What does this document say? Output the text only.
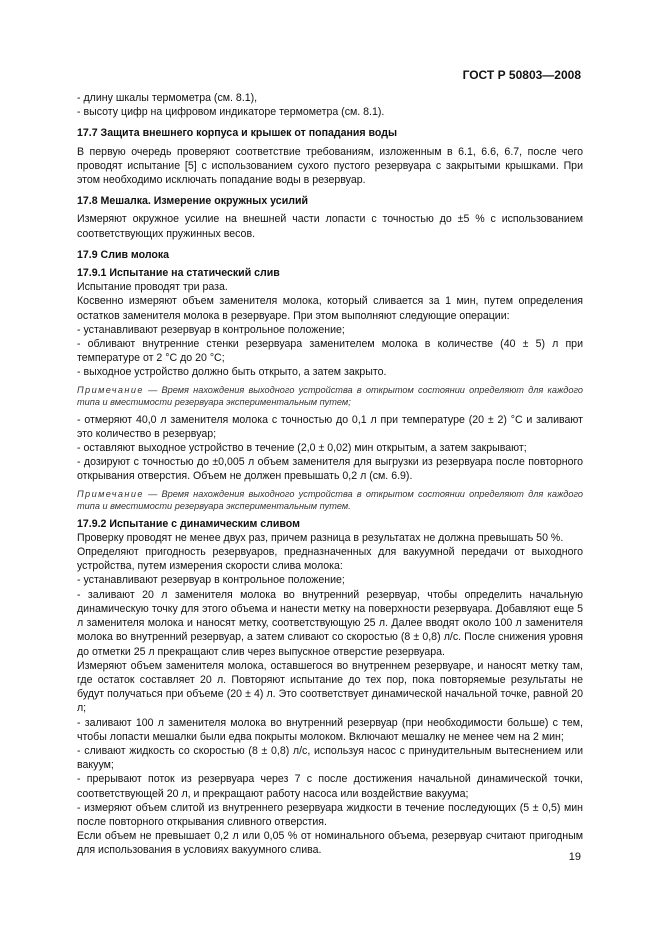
ГОСТ Р 50803—2008

- длину шкалы термометра (см. 8.1),

- высоту цифр на цифровом индикаторе термометра (см. 8.1).

17.7 Защита внешнего корпуса и крышек от попадания воды

В первую очередь проверяют соответствие требованиям, изложенным в 6.1, 6.6, 6.7, после чего проводят испытание [5] с использованием сухого пустого резервуара с закрытыми крышками. При этом необходимо исключать попадание воды в резервуар.

17.8 Мешалка. Измерение окружных усилий

Измеряют окружное усилие на внешней части лопасти с точностью до ±5 % с использованием соответствующих пружинных весов.

17.9 Слив молока

17.9.1 Испытание на статический слив

Испытание проводят три раза.

Косвенно измеряют объем заменителя молока, который сливается за 1 мин, путем определения остатков заменителя молока в резервуаре. При этом выполняют следующие операции:

- устанавливают резервуар в контрольное положение;

- обливают внутренние стенки резервуара заменителем молока в количестве (40 ± 5) л при температуре от 2 °С до 20 °С;

- выходное устройство должно быть открыто, а затем закрыто.

Примечание — Время нахождения выходного устройства в открытом состоянии определяют для каждого типа и вместимости резервуара экспериментальным путем;

- отмеряют 40,0 л заменителя молока с точностью до 0,1 л при температуре (20 ± 2) °С и заливают это количество в резервуар;

- оставляют выходное устройство в течение (2,0 ± 0,02) мин открытым, а затем закрывают;

- дозируют с точностью до ±0,005 л объем заменителя для выгрузки из резервуара после повторного открывания отверстия. Объем не должен превышать 0,2 л (см. 6.9).

Примечание — Время нахождения выходного устройства в открытом состоянии определяют для каждого типа и вместимости резервуара экспериментальным путем.

17.9.2 Испытание с динамическим сливом

Проверку проводят не менее двух раз, причем разница в результатах не должна превышать 50 %.

Определяют пригодность резервуаров, предназначенных для вакуумной передачи от выходного устройства, путем измерения скорости слива молока:

- устанавливают резервуар в контрольное положение;

- заливают 20 л заменителя молока во внутренний резервуар, чтобы определить начальную динамическую точку для этого объема и нанести метку на поверхности резервуара. Добавляют еще 5 л заменителя молока и наносят метку, соответствующую 25 л. Далее вводят около 100 л заменителя молока во внутренний резервуар, а затем сливают со скоростью (8 ± 0,8) л/с. После снижения уровня до отметки 25 л прекращают слив через выпускное отверстие резервуара.

Измеряют объем заменителя молока, оставшегося во внутреннем резервуаре, и наносят метку там, где остаток составляет 20 л. Повторяют испытание до тех пор, пока повторяемые результаты не будут получаться при объеме (20 ± 4) л. Это соответствует динамической начальной точке, равной 20 л;

- заливают 100 л заменителя молока во внутренний резервуар (при необходимости больше) с тем, чтобы лопасти мешалки были едва покрыты молоком. Включают мешалку не менее чем на 2 мин;

- сливают жидкость со скоростью (8 ± 0,8) л/с, используя насос с принудительным вытеснением или вакуум;

- прерывают поток из резервуара через 7 с после достижения начальной динамической точки, соответствующей 20 л, и прекращают работу насоса или воздействие вакуума;

- измеряют объем слитой из внутреннего резервуара жидкости в течение последующих (5 ± 0,5) мин после повторного открывания сливного отверстия.

Если объем не превышает 0,2 л или 0,05 % от номинального объема, резервуар считают пригодным для использования в условиях вакуумного слива.

19
